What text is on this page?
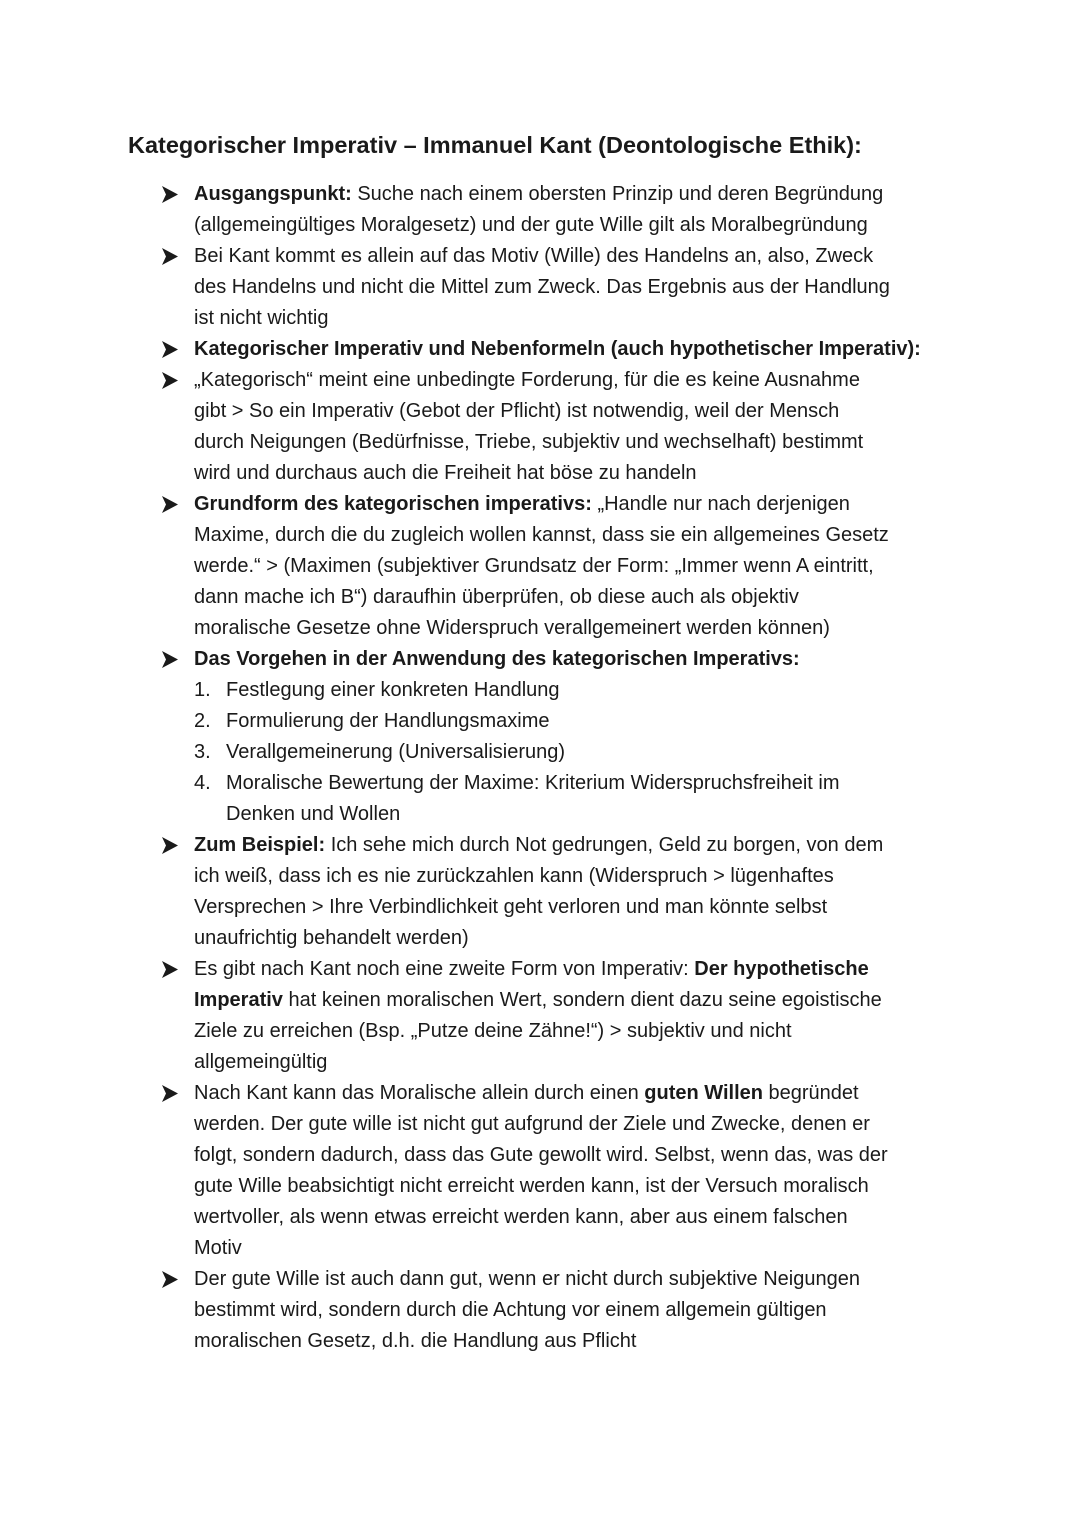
Kategorischer Imperativ – Immanuel Kant (Deontologische Ethik):
Ausgangspunkt: Suche nach einem obersten Prinzip und deren Begründung
(allgemeingültiges Moralgesetz) und der gute Wille gilt als Moralbegründung
Bei Kant kommt es allein auf das Motiv (Wille) des Handelns an, also, Zweck
des Handelns und nicht die Mittel zum Zweck. Das Ergebnis aus der Handlung
ist nicht wichtig
Kategorischer Imperativ und Nebenformeln (auch hypothetischer Imperativ):
„Kategorisch“ meint eine unbedingte Forderung, für die es keine Ausnahme
gibt > So ein Imperativ (Gebot der Pflicht) ist notwendig, weil der Mensch
durch Neigungen (Bedürfnisse, Triebe, subjektiv und wechselhaft) bestimmt
wird und durchaus auch die Freiheit hat böse zu handeln
Grundform des kategorischen imperativs: „Handle nur nach derjenigen
Maxime, durch die du zugleich wollen kannst, dass sie ein allgemeines Gesetz
werde.“ > (Maximen (subjektiver Grundsatz der Form: „Immer wenn A eintritt,
dann mache ich B“) daraufhin überprüfen, ob diese auch als objektiv
moralische Gesetze ohne Widerspruch verallgemeinert werden können)
Das Vorgehen in der Anwendung des kategorischen Imperativs:
1. Festlegung einer konkreten Handlung
2. Formulierung der Handlungsmaxime
3. Verallgemeinerung (Universalisierung)
4. Moralische Bewertung der Maxime: Kriterium Widerspruchsfreiheit im
Denken und Wollen
Zum Beispiel: Ich sehe mich durch Not gedrungen, Geld zu borgen, von dem
ich weiß, dass ich es nie zurückzahlen kann (Widerspruch > lügenhaftes
Versprechen > Ihre Verbindlichkeit geht verloren und man könnte selbst
unaufrichtig behandelt werden)
Es gibt nach Kant noch eine zweite Form von Imperativ: Der hypothetische
Imperativ hat keinen moralischen Wert, sondern dient dazu seine egoistische
Ziele zu erreichen (Bsp. „Putze deine Zähne!“) > subjektiv und nicht
allgemeingültig
Nach Kant kann das Moralische allein durch einen guten Willen begründet
werden. Der gute wille ist nicht gut aufgrund der Ziele und Zwecke, denen er
folgt, sondern dadurch, dass das Gute gewollt wird. Selbst, wenn das, was der
gute Wille beabsichtigt nicht erreicht werden kann, ist der Versuch moralisch
wertvoller, als wenn etwas erreicht werden kann, aber aus einem falschen
Motiv
Der gute Wille ist auch dann gut, wenn er nicht durch subjektive Neigungen
bestimmt wird, sondern durch die Achtung vor einem allgemein gültigen
moralischen Gesetz, d.h. die Handlung aus Pflicht
